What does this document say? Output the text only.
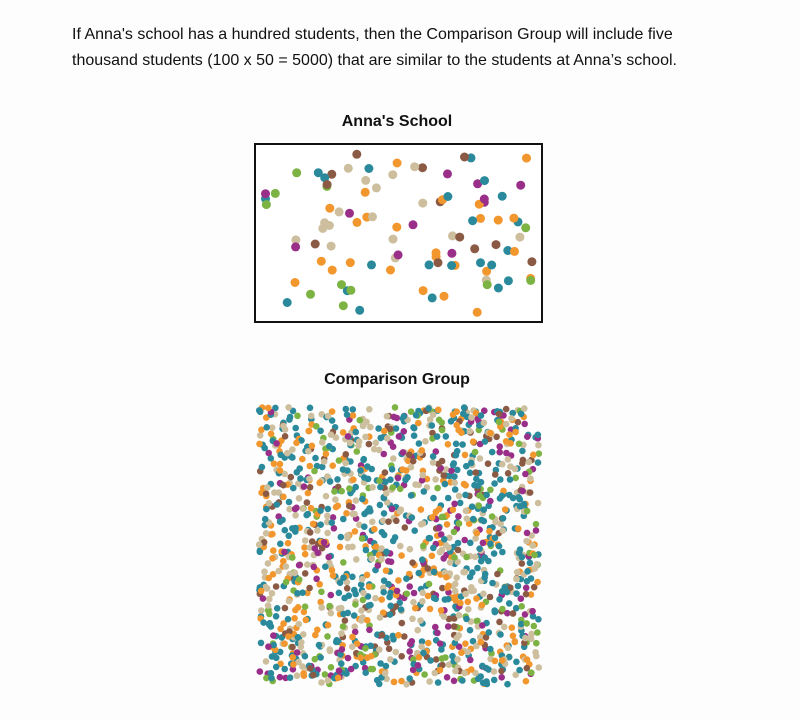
If Anna's school has a hundred students, then the Comparison Group will include five thousand students (100 x 50 = 5000) that are similar to the students at Anna’s school.

Anna's School
Comparison Group
